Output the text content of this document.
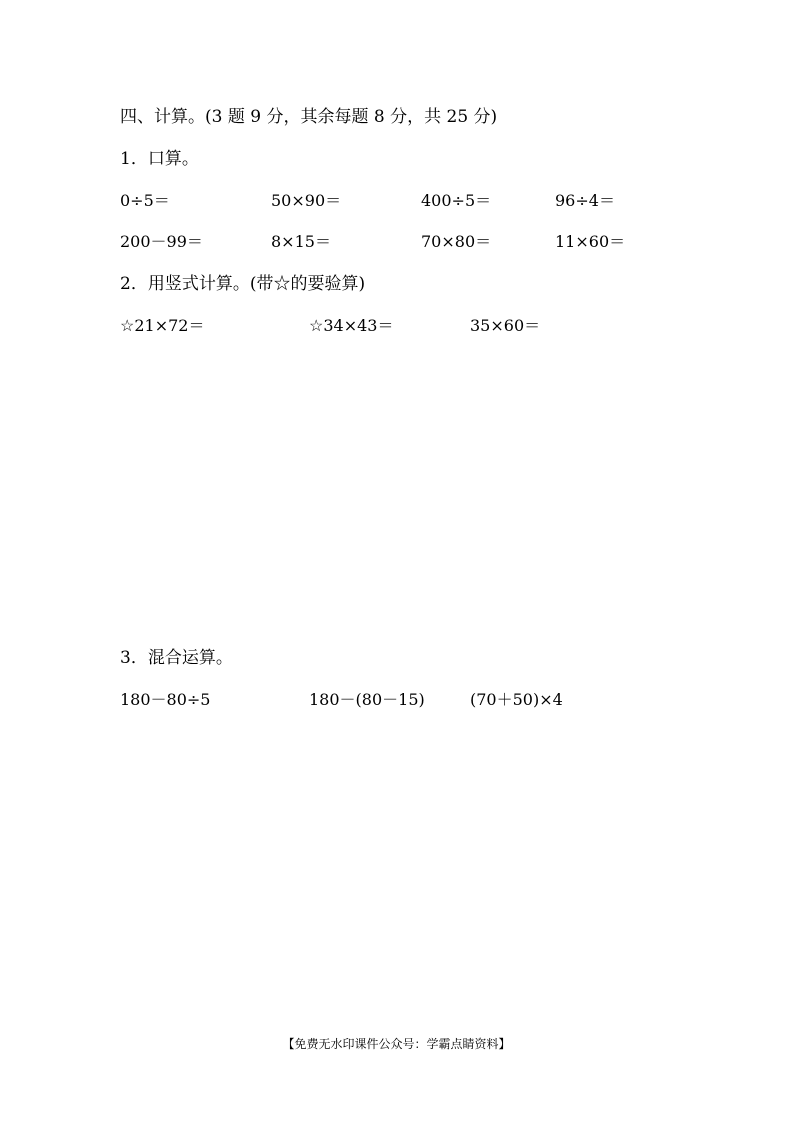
四、计算。(3 题 9 分，其余每题 8 分，共 25 分)
1．口算。
0÷5＝	50×90＝	400÷5＝	96÷4＝
200－99＝	8×15＝	70×80＝	11×60＝
2．用竖式计算。(带☆的要验算)
☆21×72＝	☆34×43＝	35×60＝
3．混合运算。
180－80÷5	180－(80－15)	(70＋50)×4
【免费无水印课件公众号：学霸点睛资料】
